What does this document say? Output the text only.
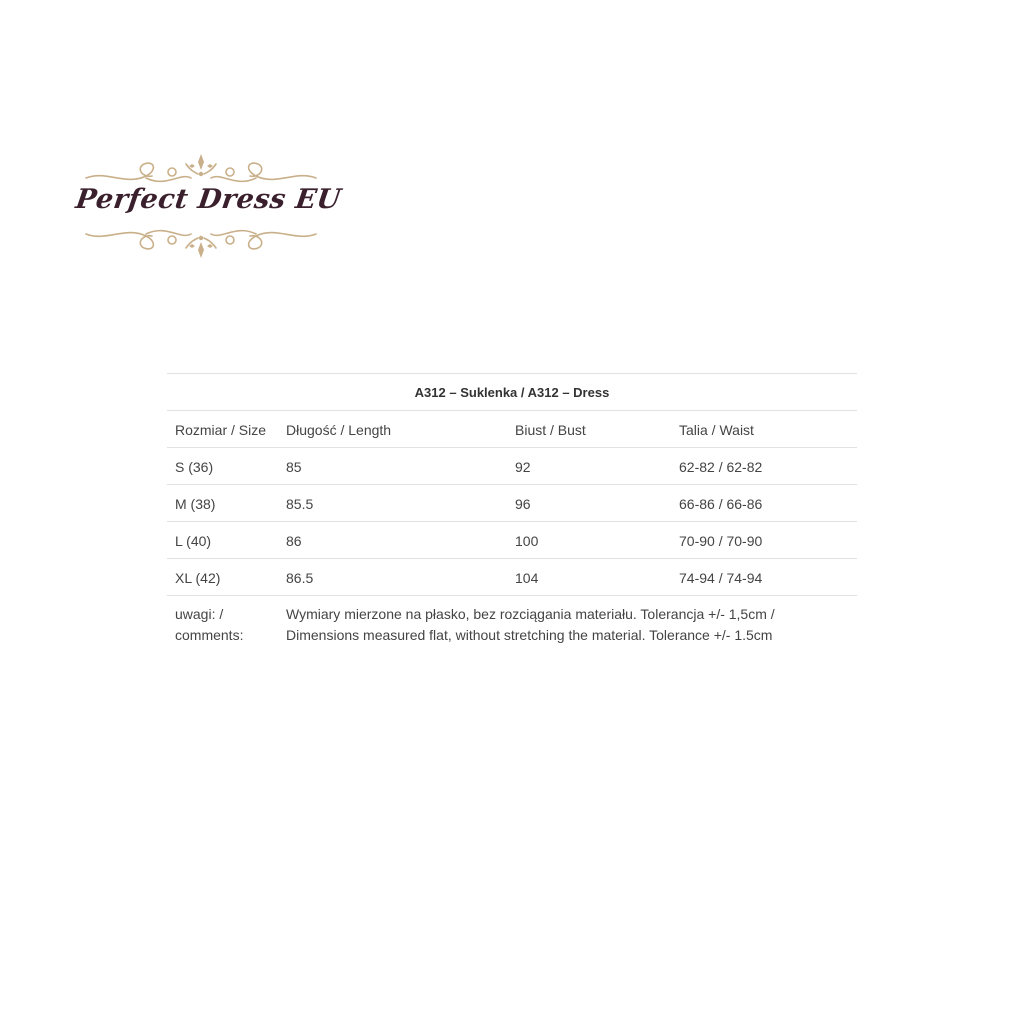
Perfect Dress EU
A312 – Suklenka / A312 – Dress			
Rozmiar / Size	Długość / Length	Biust / Bust	Talia / Waist
S (36)	85	92	62-82 / 62-82
M (38)	85.5	96	66-86 / 66-86
L (40)	86	100	70-90 / 70-90
XL (42)	86.5	104	74-94 / 74-94

uwagi: /
comments:	Wymiary mierzone na płasko, bez rozciągania materiału. Tolerancja +/- 1,5cm /
Dimensions measured flat, without stretching the material. Tolerance +/- 1.5cm		
